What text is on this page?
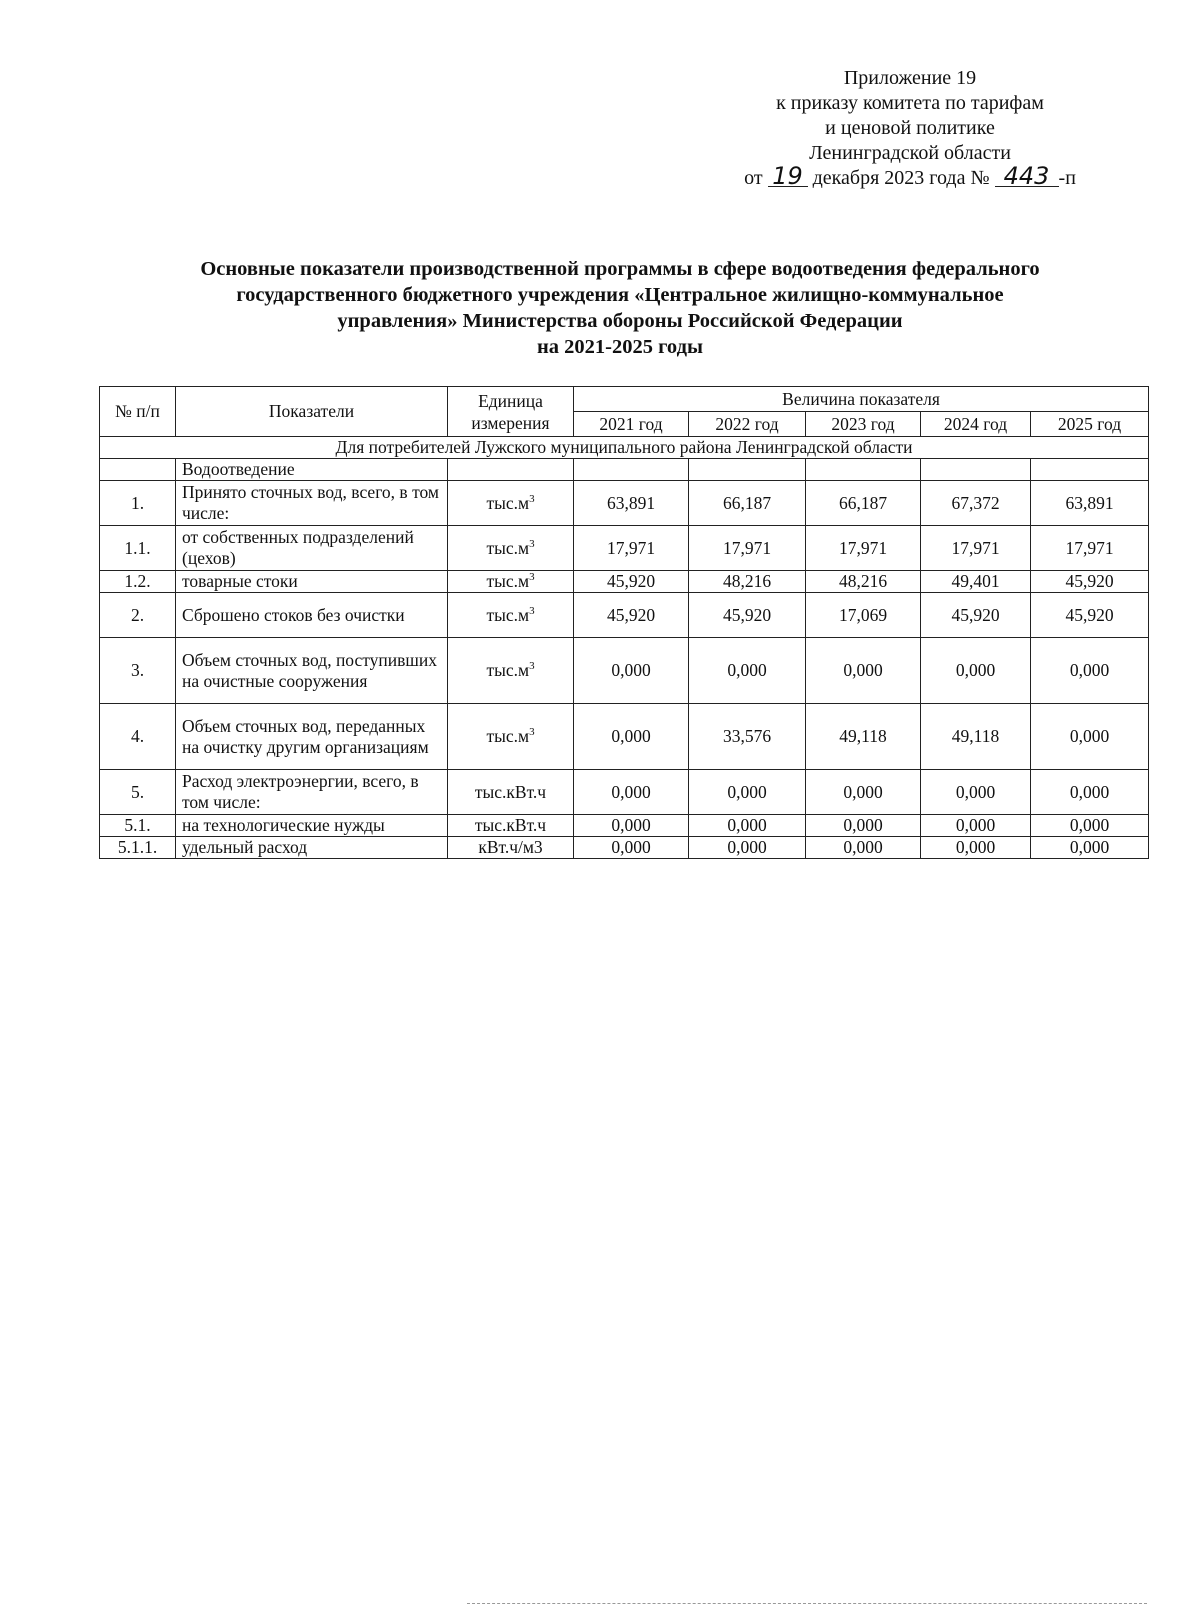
Приложение 19
к приказу комитета по тарифам
и ценовой политике
Ленинградской области
от 19 декабря 2023 года № 443 -п
Основные показатели производственной программы в сфере водоотведения федерального
государственного бюджетного учреждения «Центральное жилищно-коммунальное
управления» Министерства обороны Российской Федерации
на 2021-2025 годы
№ п/п	Показатели	Единица измерения	Величина показателя				
			2021 год	2022 год	2023 год	2024 год	2025 год
Для потребителей Лужского муниципального района Ленинградской области							
	Водоотведение						
1.	Принято сточных вод, всего, в том числе:	$тыс.м^3$	63,891	66,187	66,187	67,372	63,891
1.1.	от собственных подразделений (цехов)	$тыс.м^3$	17,971	17,971	17,971	17,971	17,971
1.2.	товарные стоки	$тыс.м^3$	45,920	48,216	48,216	49,401	45,920
2.	Сброшено стоков без очистки	$тыс.м^3$	45,920	45,920	17,069	45,920	45,920
3.	Объем сточных вод, поступивших на очистные сооружения	$тыс.м^3$	0,000	0,000	0,000	0,000	0,000
4.	Объем сточных вод, переданных на очистку другим организациям	$тыс.м^3$	0,000	33,576	49,118	49,118	0,000
5.	Расход электроэнергии, всего, в том числе:	тыс.кВт.ч	0,000	0,000	0,000	0,000	0,000
5.1.	на технологические нужды	тыс.кВт.ч	0,000	0,000	0,000	0,000	0,000
5.1.1.	удельный расход	кВт.ч/м3	0,000	0,000	0,000	0,000	0,000
